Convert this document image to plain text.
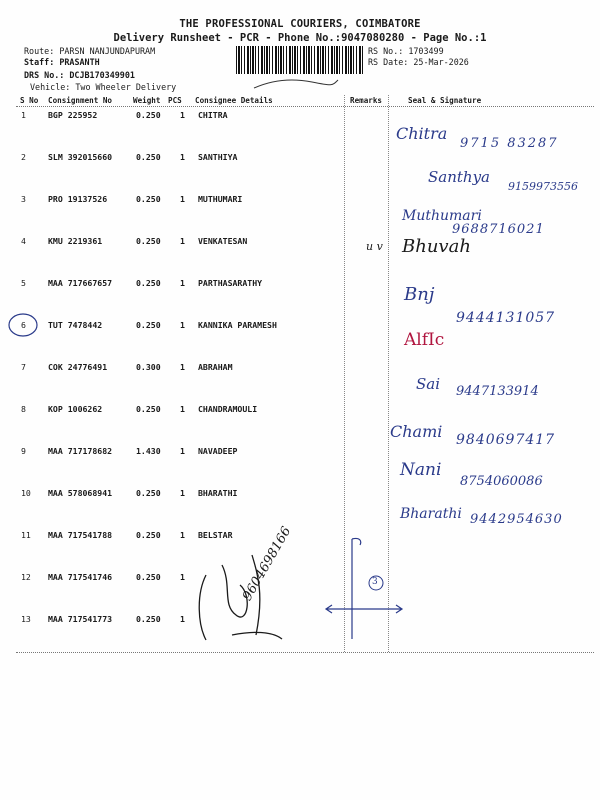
THE PROFESSIONAL COURIERS, COIMBATORE
Delivery Runsheet - PCR - Phone No.:9047080280 - Page No.:1
Route: PARSN NANJUNDAPURAM
Staff: PRASANTH
DRS No.: DCJB170349901
Vehicle: Two Wheeler Delivery
RS No.: 1703499
RS Date: 25-Mar-2026
S No Consignment No	Weight PCS Consignee Details	Remarks	Seal & Signature
1	BGP 225952	0.250 1 CHITRA
2	SLM 392015660	0.250 1 SANTHIYA
3	PRO 19137526	0.250 1 MUTHUMARI
4	KMU 2219361	0.250 1 VENKATESAN
5	MAA 717667657	0.250 1 PARTHASARATHY
6	TUT 7478442	0.250 1 KANNIKA PARAMESH
7	COK 24776491	0.300 1 ABRAHAM
8	KOP 1006262	0.250 1 CHANDRAMOULI
9	MAA 717178682	1.430 1 NAVADEEP
10 MAA 578068941	0.250 1 BHARATHI
11 MAA 717541788	0.250 1 BELSTAR
12 MAA 717541746	0.250 1
13 MAA 717541773	0.250 1
Chitra
9715 83287
Santhya
9159973556
Muthumari
9688716021
u v Bhuvah
Bnj
9444131057
AlfIc
Sai 9447133914
Chami 9840697417
Nani
8754060086
Bharathi 9442954630
9604698166	3
